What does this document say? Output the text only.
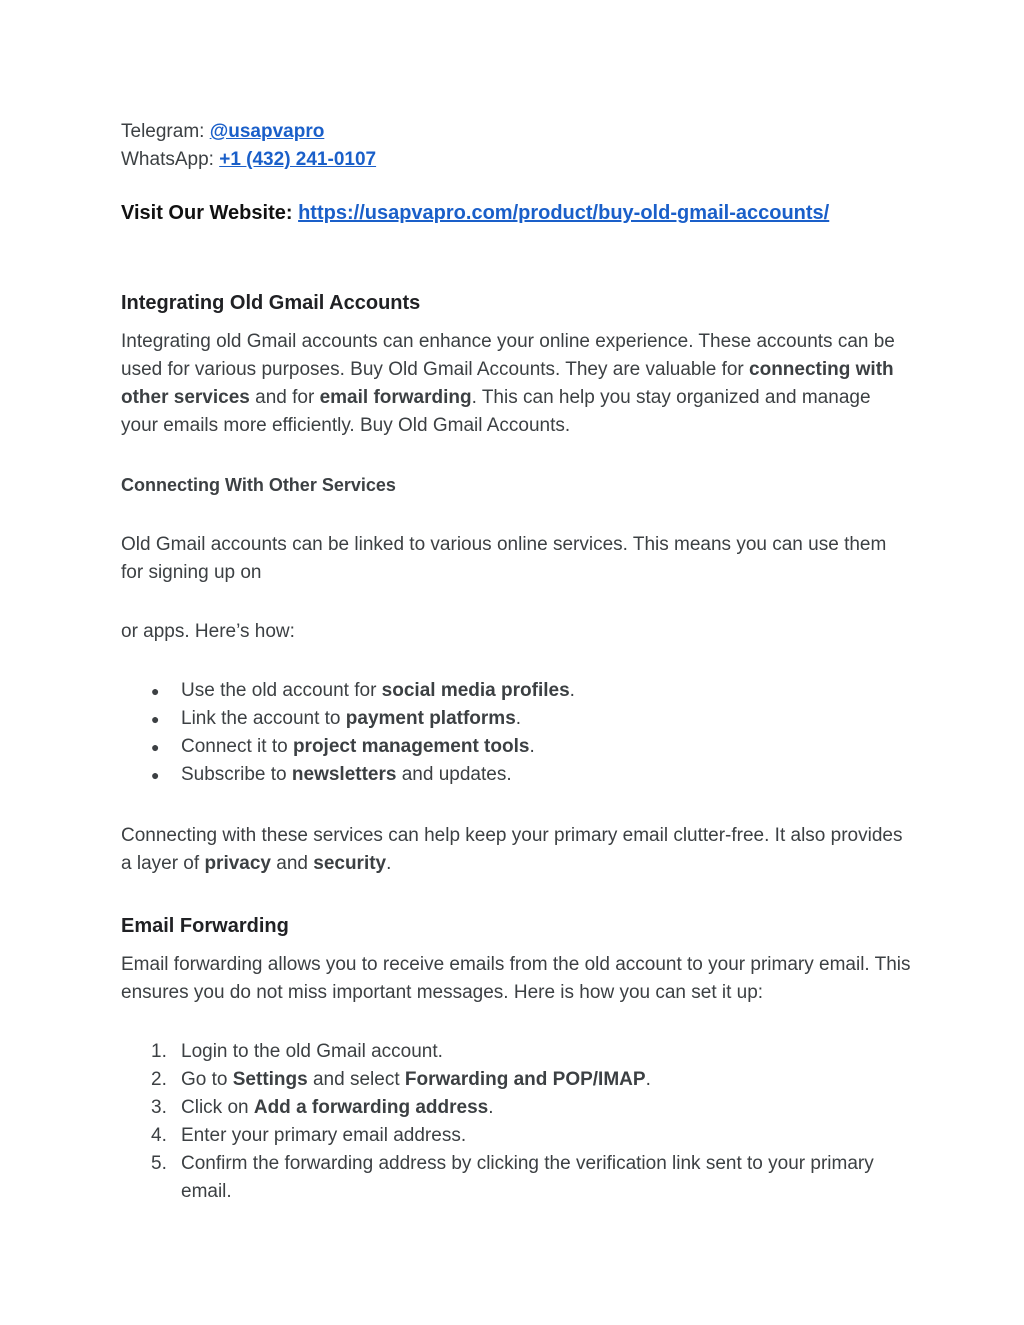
Telegram: @usapvapro
WhatsApp: +1 (432) 241-0107
Visit Our Website: https://usapvapro.com/product/buy-old-gmail-accounts/
Integrating Old Gmail Accounts

Integrating old Gmail accounts can enhance your online experience. These accounts can be used for various purposes. Buy Old Gmail Accounts. They are valuable for connecting with other services and for email forwarding. This can help you stay organized and manage your emails more efficiently. Buy Old Gmail Accounts.

Connecting With Other Services

Old Gmail accounts can be linked to various online services. This means you can use them for signing up on

or apps. Here’s how:

● Use the old account for social media profiles.
● Link the account to payment platforms.
● Connect it to project management tools.
● Subscribe to newsletters and updates.

Connecting with these services can help keep your primary email clutter-free. It also provides a layer of privacy and security.

Email Forwarding

Email forwarding allows you to receive emails from the old account to your primary email. This ensures you do not miss important messages. Here is how you can set it up:

1. Login to the old Gmail account.
2. Go to Settings and select Forwarding and POP/IMAP.
3. Click on Add a forwarding address.
4. Enter your primary email address.
5. Confirm the forwarding address by clicking the verification link sent to your primary email.
